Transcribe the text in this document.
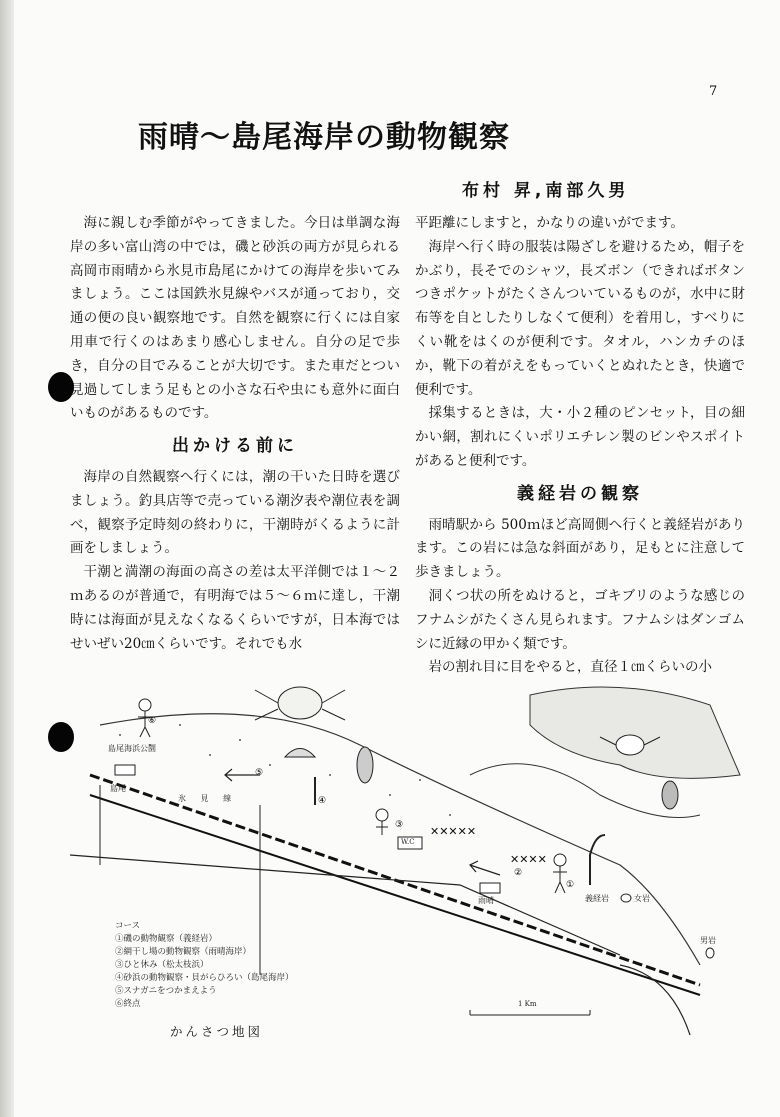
7
雨晴～島尾海岸の動物観察
布村 昇,南部久男

海に親しむ季節がやってきました。今日は単調な海岸の多い富山湾の中では，磯と砂浜の両方が見られる高岡市雨晴から氷見市島尾にかけての海岸を歩いてみましょう。ここは国鉄氷見線やバスが通っており，交通の便の良い観察地です。自然を観察に行くには自家用車で行くのはあまり感心しません。自分の足で歩き，自分の目でみることが大切です。また車だとつい見過してしまう足もとの小さな石や虫にも意外に面白いものがあるものです。

出かける前に

海岸の自然観察へ行くには，潮の干いた日時を選びましょう。釣具店等で売っている潮汐表や潮位表を調べ，観察予定時刻の終わりに，干潮時がくるように計画をしましょう。

干潮と満潮の海面の高さの差は太平洋側では１～２ｍあるのが普通で，有明海では５～６ｍに達し，干潮時には海面が見えなくなるくらいですが，日本海ではせいぜい20㎝くらいです。それでも水

平距離にしますと，かなりの違いがでます。

海岸へ行く時の服装は陽ざしを避けるため，帽子をかぶり，長そでのシャツ，長ズボン（できればボタンつきポケットがたくさんついているものが，水中に財布等を自としたりしなくて便利）を着用し，すべりにくい靴をはくのが便利です。タオル，ハンカチのほか，靴下の着がえをもっていくとぬれたとき，快適で便利です。

採集するときは，大・小２種のピンセット，目の細かい網，割れにくいポリエチレン製のビンやスポイトがあると便利です。

義経岩の観察

雨晴駅から 500ｍほど高岡側へ行くと義経岩があります。この岩には急な斜面があり，足もとに注意して歩きましょう。

洞くつ状の所をぬけると，ゴキブリのような感じのフナムシがたくさん見られます。フナムシはダンゴムシに近縁の甲かく類です。

岩の割れ目に目をやると，直径１㎝くらいの小

✕✕✕✕✕
✕✕✕✕
⑥
⑤
④
③
②
①
島尾海浜公園
島尾
氷 見 線
W.C
雨晴	義経岩	女岩
男岩
1 Km
コース
①磯の動物観察（義経岩）
②網干し場の動物観察（雨晴海岸）
③ひと休み（松太枝浜）
④砂浜の動物観察・貝がらひろい（島尾海岸）
⑤スナガニをつかまえよう
⑥終点
かんさつ地図
